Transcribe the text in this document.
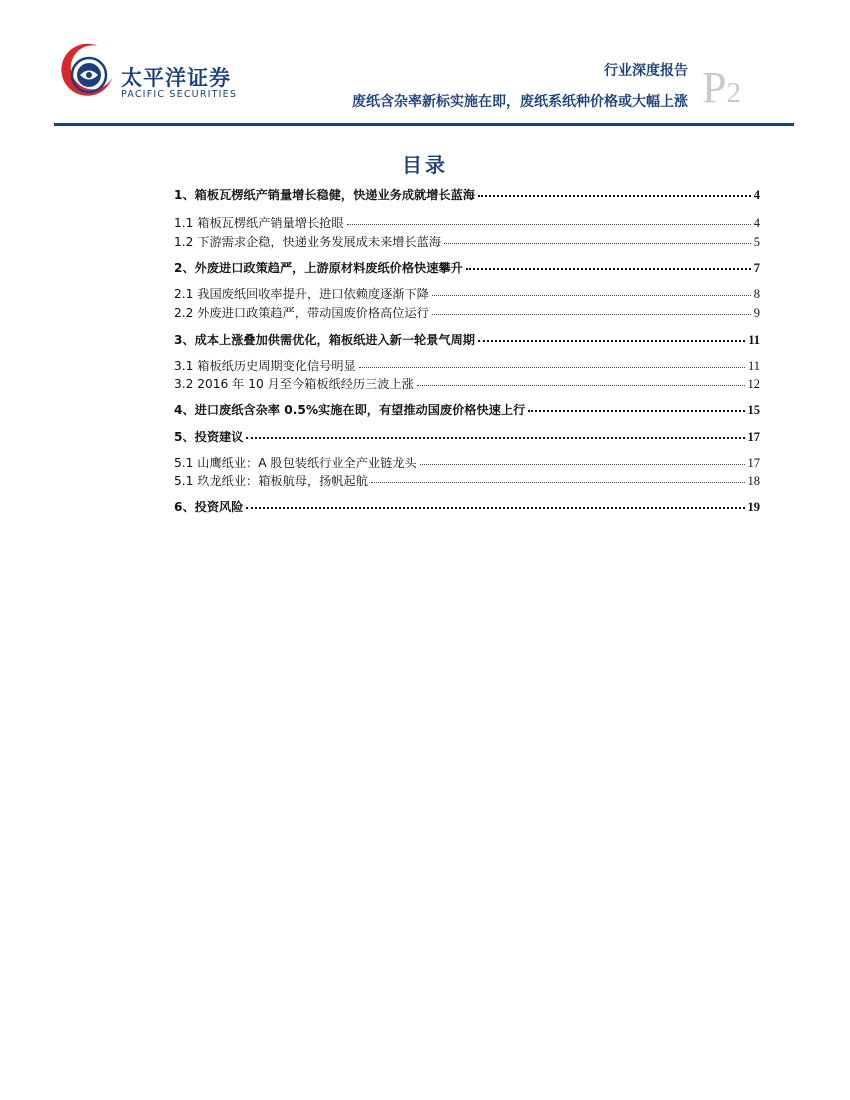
太平洋证券
PACIFIC SECURITIES
行业深度报告
废纸含杂率新标实施在即，废纸系纸种价格或大幅上涨 P2
目录
1、箱板瓦楞纸产销量增长稳健，快递业务成就增长蓝海	4
1.1 箱板瓦楞纸产销量增长抢眼	4
1.2 下游需求企稳，快递业务发展成未来增长蓝海	5
2、外废进口政策趋严，上游原材料废纸价格快速攀升	7
2.1 我国废纸回收率提升，进口依赖度逐渐下降	8
2.2 外废进口政策趋严，带动国废价格高位运行	9
3、成本上涨叠加供需优化，箱板纸进入新一轮景气周期	11
3.1 箱板纸历史周期变化信号明显	11
3.2 2016 年 10 月至今箱板纸经历三波上涨	12
4、进口废纸含杂率 0.5%实施在即，有望推动国废价格快速上行	15
5、投资建议	17
5.1 山鹰纸业：A 股包装纸行业全产业链龙头	17
5.1 玖龙纸业：箱板航母，扬帆起航	18
6、投资风险	19
